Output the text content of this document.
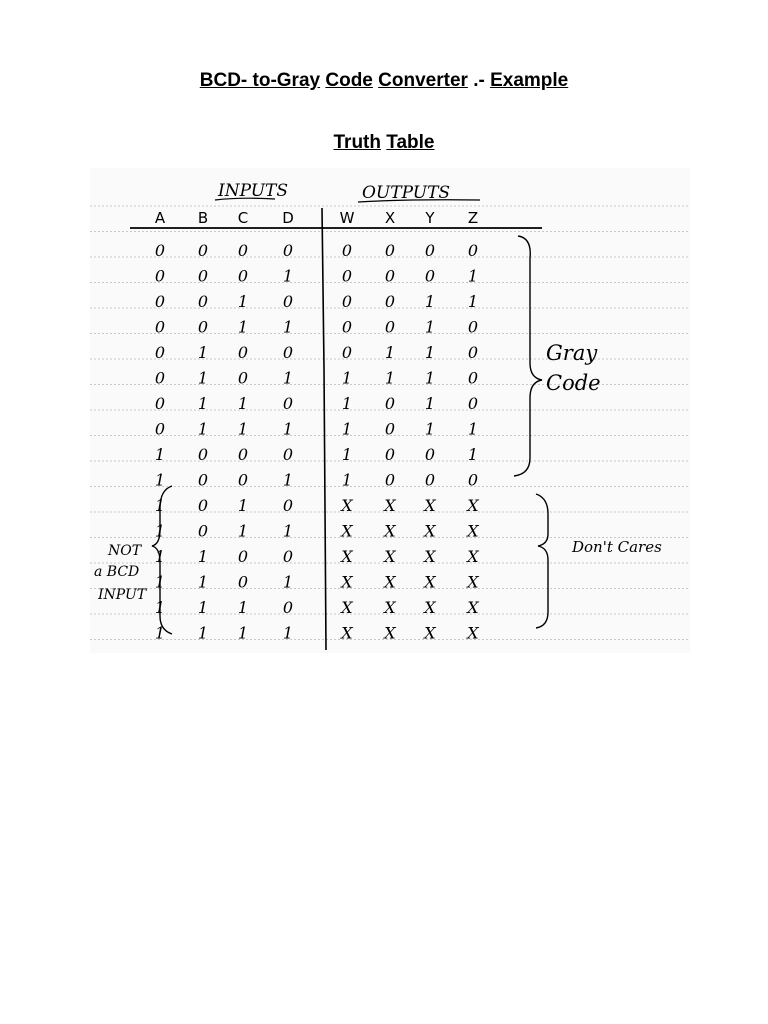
BCD- to-Gray Code Converter .- Example
Truth Table
INPUTS	OUTPUTS
A B C D	W X Y Z
0 0 0 0	0 0 0 0
0 0 0 1	0 0 0 1
0 0 1 0	0 0 1 1
0 0 1 1	0 0 1 0
0 1 0 0	0 1 1 0
0 1 0 1	1 1 1 0
0 1 1 0	1 0 1 0
0 1 1 1	1 0 1 1
1 0 0 0	1 0 0 1
1 0 0 1	1 0 0 0
1 0 1 0	X X X X
1 0 1 1	X X X X
1 1 0 0	X X X X
1 1 0 1	X X X X
1 1 1 0	X X X X
1 1 1 1	X X X X
Gray
Code
NOT
a BCD
INPUT
Don't Cares
